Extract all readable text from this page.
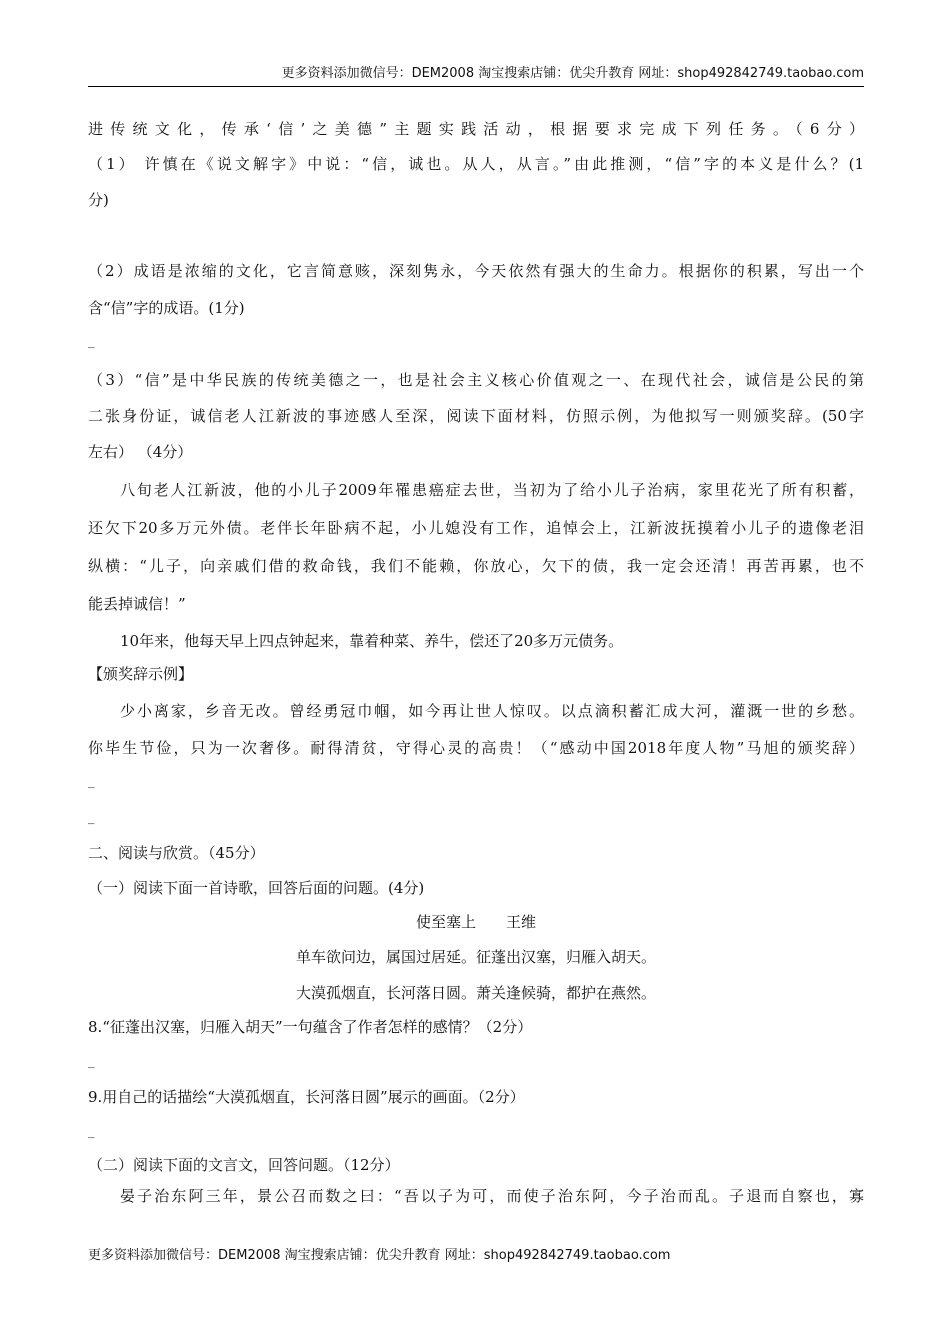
更多资料添加微信号：DEM2008 淘宝搜索店铺：优尖升教育 网址：shop492842749.taobao.com
进传统文化，传承‘信’之美德”主题实践活动，根据要求完成下列任务。（6分）
（1） 许慎在《说文解字》中说：“信，诚也。从人，从言。”由此推测，“信”字的本义是什么？(1
分)
（2）成语是浓缩的文化，它言简意赅，深刻隽永，今天依然有强大的生命力。根据你的积累，写出一个
含“信”字的成语。(1分)
_
（3）“信”是中华民族的传统美德之一，也是社会主义核心价值观之一、在现代社会，诚信是公民的第
二张身份证，诚信老人江新波的事迹感人至深，阅读下面材料，仿照示例，为他拟写一则颁奖辞。(50字
左右） （4分）
八旬老人江新波，他的小儿子2009年罹患癌症去世，当初为了给小儿子治病，家里花光了所有积蓄，
还欠下20多万元外债。老伴长年卧病不起，小儿媳没有工作，追悼会上，江新波抚摸着小儿子的遗像老泪
纵横：“儿子，向亲戚们借的救命钱，我们不能赖，你放心，欠下的债，我一定会还清！再苦再累，也不
能丢掉诚信！”
10年来，他每天早上四点钟起来，靠着种菜、养牛，偿还了20多万元债务。
【颁奖辞示例】
少小离家，乡音无改。曾经勇冠巾帼，如今再让世人惊叹。以点滴积蓄汇成大河，灌溉一世的乡愁。
你毕生节俭，只为一次奢侈。耐得清贫，守得心灵的高贵！（“感动中国2018年度人物”马旭的颁奖辞）
_
_
二、阅读与欣赏。（45分）
（一）阅读下面一首诗歌，回答后面的问题。(4分)
使至塞上　　王维
单车欲问边，属国过居延。征蓬出汉塞，归雁入胡天。
大漠孤烟直，长河落日圆。萧关逢候骑，都护在燕然。
8.“征蓬出汉塞，归雁入胡天”一句蕴含了作者怎样的感情？（2分）
_
9.用自己的话描绘“大漠孤烟直，长河落日圆”展示的画面。（2分）
_
（二）阅读下面的文言文，回答问题。（12分）
晏子治东阿三年，景公召而数之曰：“吾以子为可，而使子治东阿，今子治而乱。子退而自察也，寡
更多资料添加微信号：DEM2008 淘宝搜索店铺：优尖升教育 网址：shop492842749.taobao.com
